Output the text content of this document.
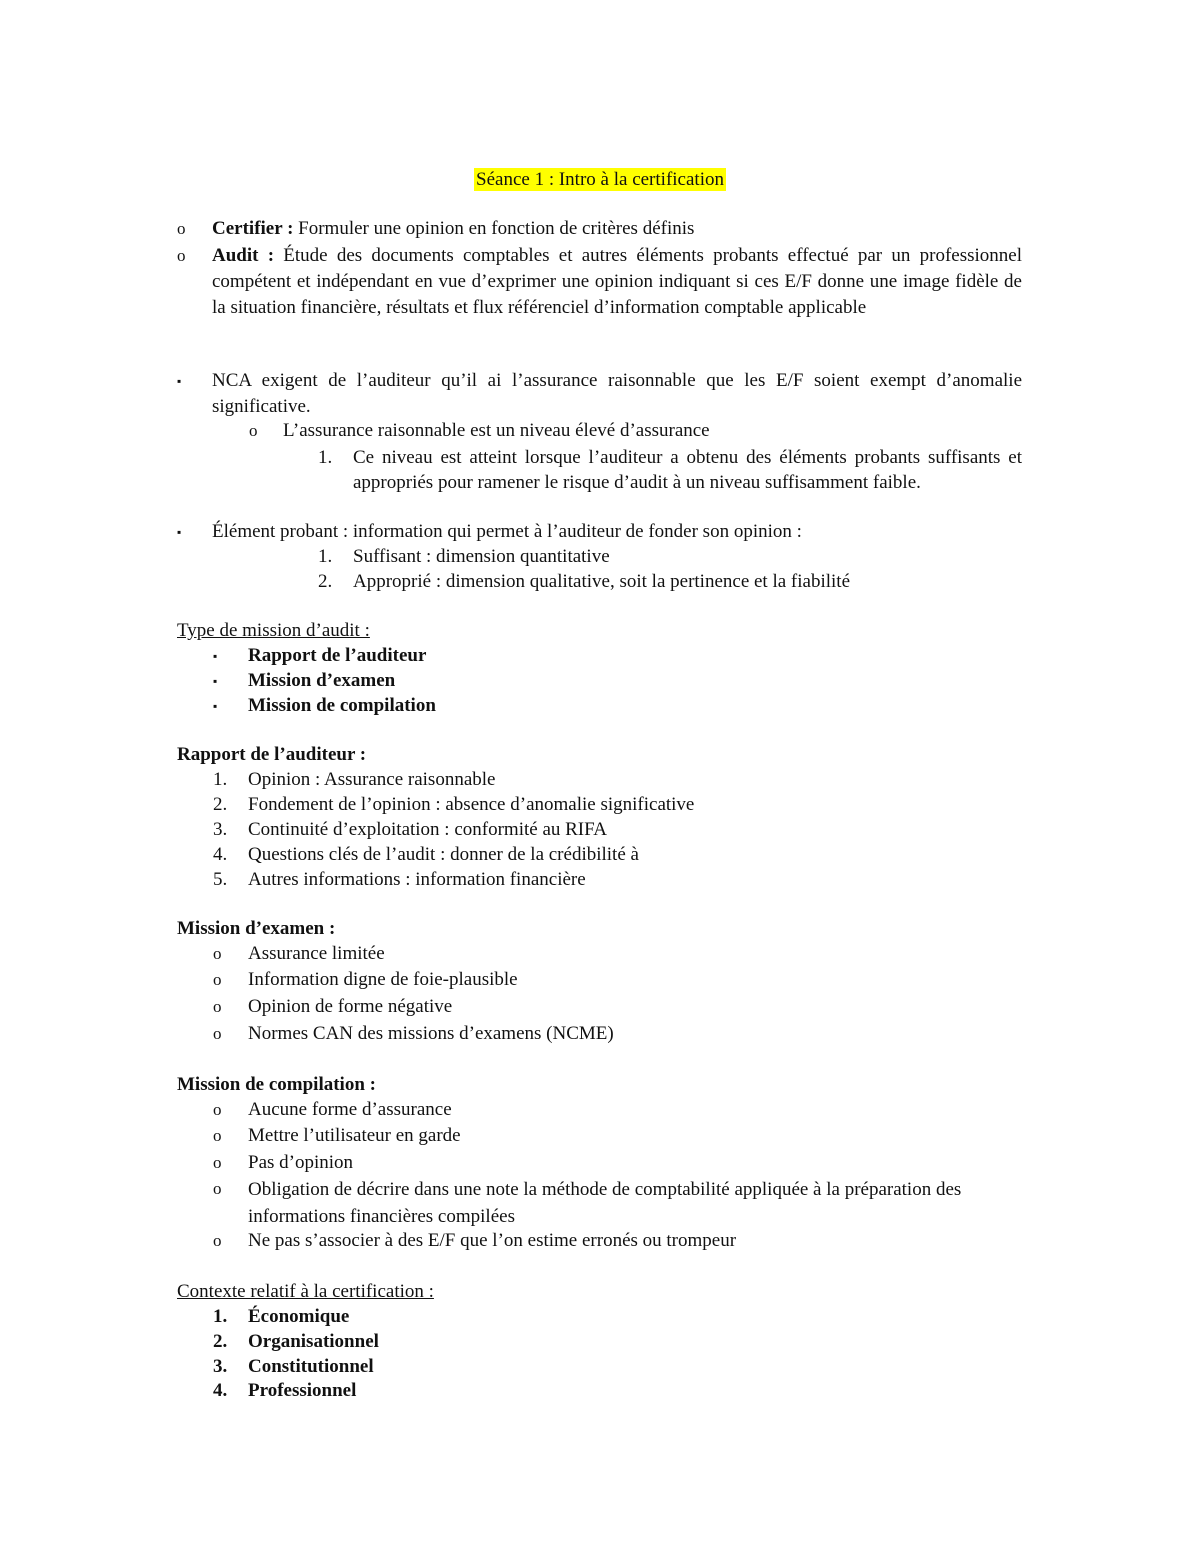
Séance 1 : Intro à la certification
o Certifier : Formuler une opinion en fonction de critères définis
o Audit : Étude des documents comptables et autres éléments probants effectué par un professionnel compétent et indépendant en vue d’exprimer une opinion indiquant si ces E/F donne une image fidèle de la situation financière, résultats et flux référenciel d’information comptable applicable
▪ NCA exigent de l’auditeur qu’il ai l’assurance raisonnable que les E/F soient exempt d’anomalie significative.
o L’assurance raisonnable est un niveau élevé d’assurance
1. Ce niveau est atteint lorsque l’auditeur a obtenu des éléments probants suffisants et appropriés pour ramener le risque d’audit à un niveau suffisamment faible.
▪ Élément probant : information qui permet à l’auditeur de fonder son opinion :
1. Suffisant : dimension quantitative
2. Approprié : dimension qualitative, soit la pertinence et la fiabilité
Type de mission d’audit :
▪ Rapport de l’auditeur
▪ Mission d’examen
▪ Mission de compilation
Rapport de l’auditeur :
1. Opinion : Assurance raisonnable
2. Fondement de l’opinion : absence d’anomalie significative
3. Continuité d’exploitation : conformité au RIFA
4. Questions clés de l’audit : donner de la crédibilité à
5. Autres informations : information financière
Mission d’examen :
o Assurance limitée
o Information digne de foie-plausible
o Opinion de forme négative
o Normes CAN des missions d’examens (NCME)
Mission de compilation :
o Aucune forme d’assurance
o Mettre l’utilisateur en garde
o Pas d’opinion
o Obligation de décrire dans une note la méthode de comptabilité appliquée à la préparation des informations financières compilées
o Ne pas s’associer à des E/F que l’on estime erronés ou trompeur
Contexte relatif à la certification :
1. Économique
2. Organisationnel
3. Constitutionnel
4. Professionnel
